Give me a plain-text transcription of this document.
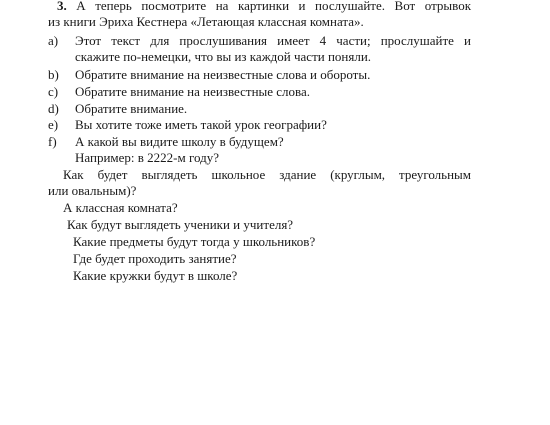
3. А теперь посмотрите на картинки и послушайте. Вот отрывок
из книги Эриха Кестнера «Летающая классная комната».
a) Этот текст для прослушивания имеет 4 части; прослушайте и
скажите по-немецки, что вы из каждой части поняли.
b) Обратите внимание на неизвестные слова и обороты.
c) Обратите внимание на неизвестные слова.
d) Обратите внимание.
e) Вы хотите тоже иметь такой урок географии?
f) А какой вы видите школу в будущем?
Например: в 2222-м году?
Как будет выглядеть школьное здание (круглым, треугольным
или овальным)?
А классная комната?
Как будут выглядеть ученики и учителя?
Какие предметы будут тогда у школьников?
Где будет проходить занятие?
Какие кружки будут в школе?
